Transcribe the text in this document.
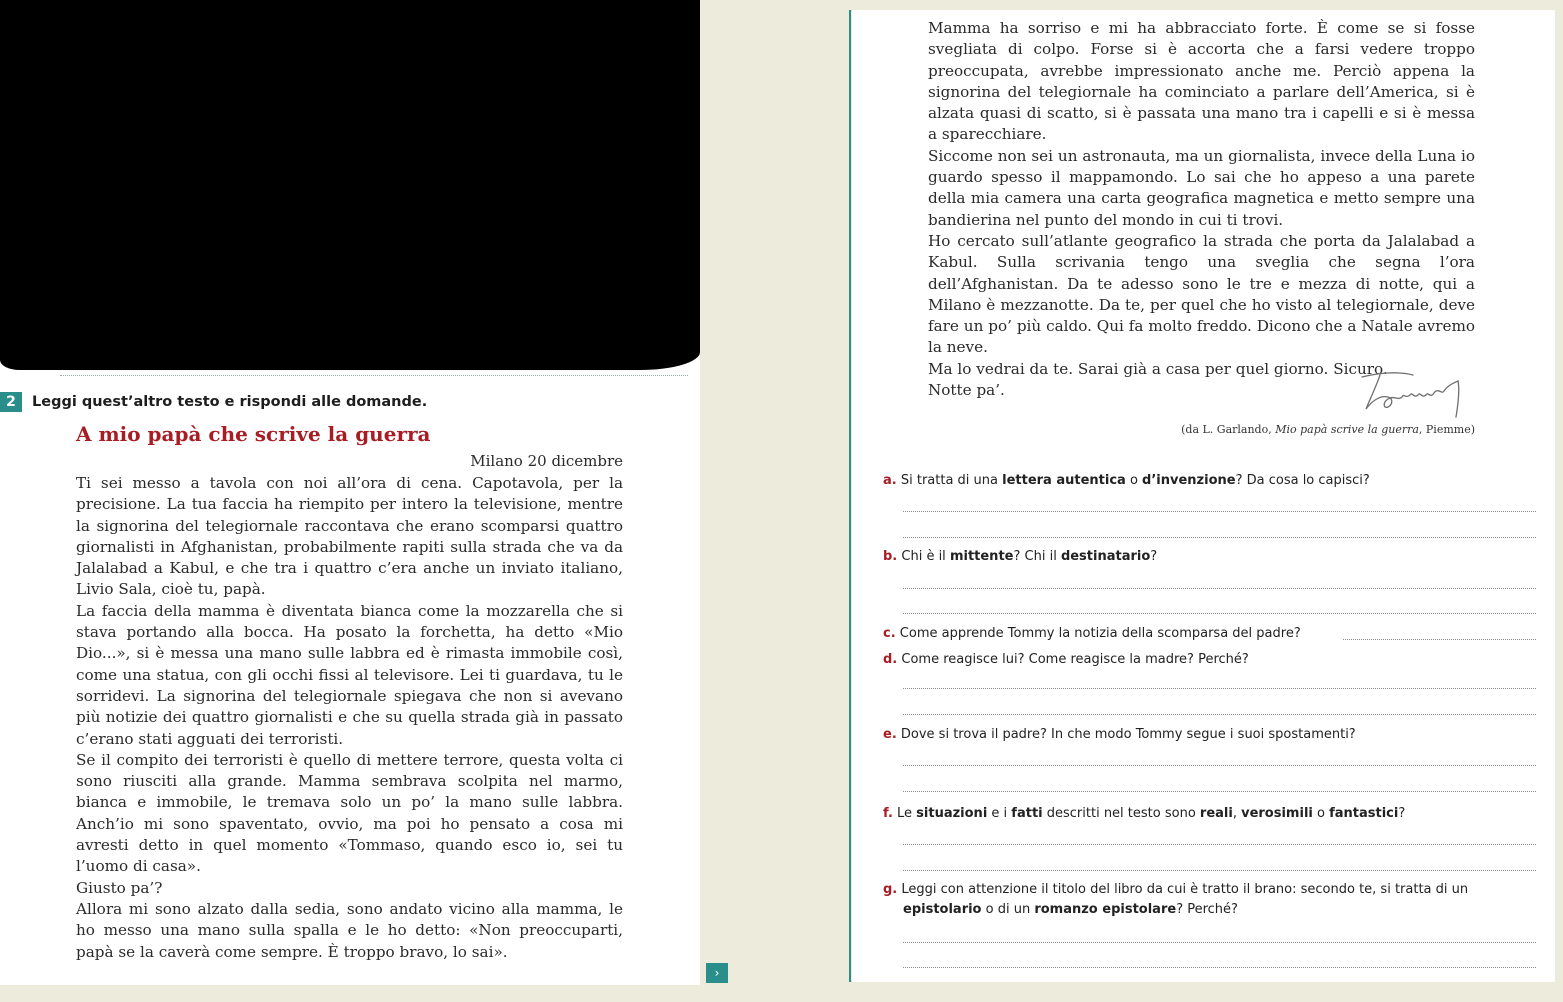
2	Leggi quest’altro testo e rispondi alle domande.
A mio papà che scrive la guerra
Milano 20 dicembre

Ti sei messo a tavola con noi all’ora di cena. Capotavola, per la precisione. La tua faccia ha riempito per intero la televisione, mentre la signorina del telegiornale raccontava che erano scomparsi quattro giornalisti in Afghanistan, probabilmente rapiti sulla strada che va da Jalalabad a Kabul, e che tra i quattro c’era anche un inviato italiano, Livio Sala, cioè tu, papà.

La faccia della mamma è diventata bianca come la mozzarella che si stava portando alla bocca. Ha posato la forchetta, ha detto «Mio Dio...», si è messa una mano sulle labbra ed è rimasta immobile così, come una statua, con gli occhi fissi al televisore. Lei ti guardava, tu le sorridevi. La signorina del telegiornale spiegava che non si avevano più notizie dei quattro giornalisti e che su quella strada già in passato c’erano stati agguati dei terroristi.

Se il compito dei terroristi è quello di mettere terrore, questa volta ci sono riusciti alla grande. Mamma sembrava scolpita nel marmo, bianca e immobile, le tremava solo un po’ la mano sulle labbra. Anch’io mi sono spaventato, ovvio, ma poi ho pensato a cosa mi avresti detto in quel momento «Tommaso, quando esco io, sei tu l’uomo di casa».

Giusto pa’?

Allora mi sono alzato dalla sedia, sono andato vicino alla mamma, le ho messo una mano sulla spalla e le ho detto: «Non preoccuparti, papà se la caverà come sempre. È troppo bravo, lo sai».

Mamma ha sorriso e mi ha abbracciato forte. È come se si fosse svegliata di colpo. Forse si è accorta che a farsi vedere troppo preoccupata, avrebbe impressionato anche me. Perciò appena la signorina del telegiornale ha cominciato a parlare dell’America, si è alzata quasi di scatto, si è passata una mano tra i capelli e si è messa a sparecchiare.

Siccome non sei un astronauta, ma un giornalista, invece della Luna io guardo spesso il mappamondo. Lo sai che ho appeso a una parete della mia camera una carta geografica magnetica e metto sempre una bandierina nel punto del mondo in cui ti trovi.

Ho cercato sull’atlante geografico la strada che porta da Jalalabad a Kabul. Sulla scrivania tengo una sveglia che segna l’ora dell’Afghanistan. Da te adesso sono le tre e mezza di notte, qui a Milano è mezzanotte. Da te, per quel che ho visto al telegiornale, deve fare un po’ più caldo. Qui fa molto freddo. Dicono che a Natale avremo la neve.

Ma lo vedrai da te. Sarai già a casa per quel giorno. Sicuro.

Notte pa’.

(da L. Garlando, Mio papà scrive la guerra, Piemme)
a. Si tratta di una lettera autentica o d’invenzione? Da cosa lo capisci?
b. Chi è il mittente? Chi il destinatario?
c. Come apprende Tommy la notizia della scomparsa del padre?
d. Come reagisce lui? Come reagisce la madre? Perché?
e. Dove si trova il padre? In che modo Tommy segue i suoi spostamenti?
f. Le situazioni e i fatti descritti nel testo sono reali, verosimili o fantastici?
g. Leggi con attenzione il titolo del libro da cui è tratto il brano: secondo te, si tratta di un epistolario o di un romanzo epistolare? Perché?
›
